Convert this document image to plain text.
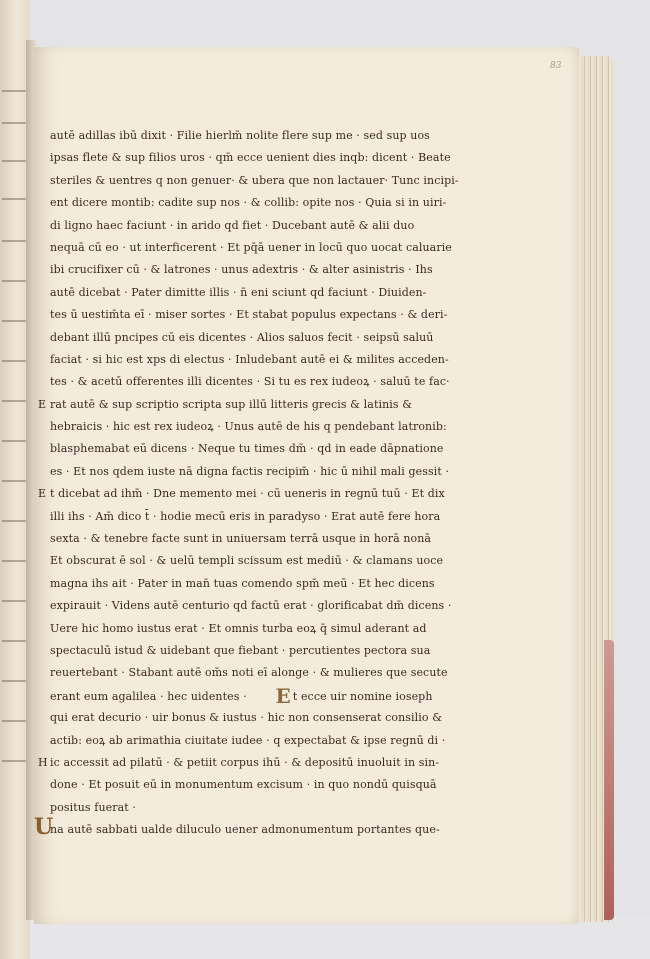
83
autē adillas ibū dixit · Filie hierlm̄ nolite flere sup me · sed sup uos
ipsas flete & sup filios uros · qm̄ ecce uenient dies inqb: dicent · Beate
steriles & uentres q non genuer· & ubera que non lactauer· Tunc incipi-
ent dicere montib: cadite sup nos · & collib: opite nos · Quia si in uiri-
di ligno haec faciunt · in arido qd fiet · Ducebant autē & alii duo
nequā cū eo · ut interficerent · Et pq̄ā uener in locū quo uocat caluarie
ibi crucifixer cū · & latrones · unus adextris · & alter asinistris · Ihs
autē dicebat · Pater dimitte illis · n̄ eni sciunt qd faciunt · Diuiden-
tes ū uestim̄ta eī · miser sortes · Et stabat populus expectans · & deri-
debant illū pncipes cū eis dicentes · Alios saluos fecit · seipsū saluū
faciat · si hic est xps di electus · Inludebant autē ei & milites acceden-
tes · & acetū offerentes illi dicentes · Si tu es rex iudeoꝝ · saluū te fac·
E rat autē & sup scriptio scripta sup illū litteris grecis & latinis &
hebraicis · hic est rex iudeoꝝ · Unus autē de his q pendebant latronib:
blasphemabat eū dicens · Neque tu times dm̄ · qd in eade dāpnatione
es · Et nos qdem iuste nā digna factis recipim̄ · hic ū nihil mali gessit ·
E t dicebat ad ihm̄ · Dne memento mei · cū ueneris in regnū tuū · Et dix
illi ihs · Am̄ dico t̄ · hodie mecū eris in paradyso · Erat autē fere hora
sexta · & tenebre facte sunt in uniuersam terrā usque in horā nonā
Et obscurat ē sol · & uelū templi scissum est mediū · & clamans uoce
magna ihs ait · Pater in man̄ tuas comendo spm̄ meū · Et hec dicens
expirauit · Videns autē centurio qd factū erat · glorificabat dm̄ dicens ·
Uere hic homo iustus erat · Et omnis turba eoꝝ q̄ simul aderant ad
spectaculū istud & uidebant que fiebant · percutientes pectora sua
reuertebant · Stabant autē om̄s noti eī alonge · & mulieres que secute
erant eum agalilea · hec uidentes · E t ecce uir nomine ioseph
qui erat decurio · uir bonus & iustus · hic non consenserat consilio &
actib: eoꝝ ab arimathia ciuitate iudee · q expectabat & ipse regnū di ·
H ic accessit ad pilatū · & petiit corpus ihū · & depositū inuoluit in sin-
done · Et posuit eū in monumentum excisum · in quo nondū quisquā
positus fuerat ·
U
na autē sabbati ualde diluculo uener admonumentum portantes que-
